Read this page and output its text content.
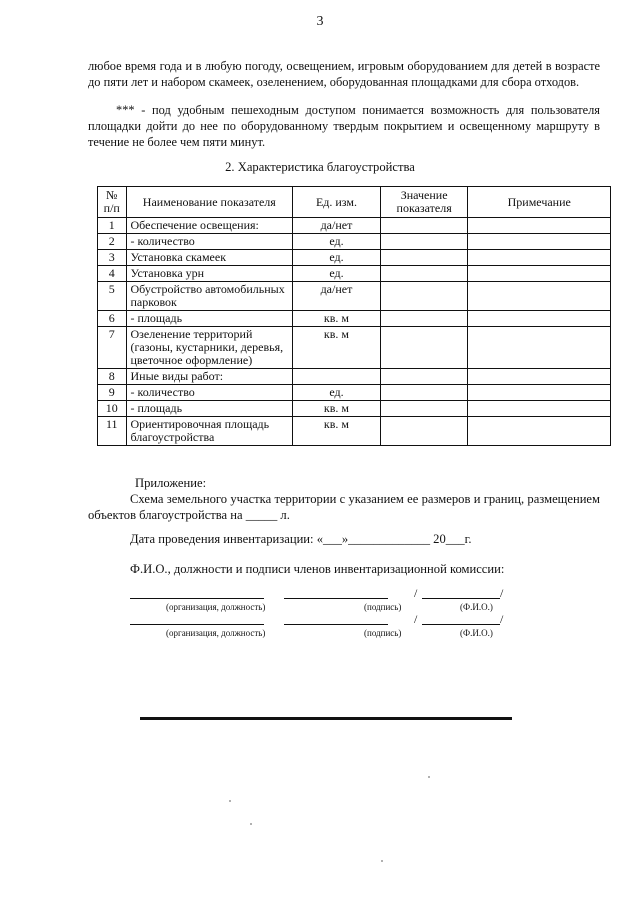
3
любое время года и в любую погоду, освещением, игровым оборудованием для детей в возрасте до пяти лет и набором скамеек, озеленением, оборудованная площадками для сбора отходов.
*** - под удобным пешеходным доступом понимается возможность для пользователя площадки дойти до нее по оборудованному твердым покрытием и освещенному маршруту в течение не более чем пяти минут.
2. Характеристика благоустройства
№ п/п	Наименование показателя	Ед. изм.	Значение показателя	Примечание
1	Обеспечение освещения:	да/нет		
2	- количество	ед.		
3	Установка скамеек	ед.		
4	Установка урн	ед.		
5	Обустройство автомобильных парковок	да/нет		
6	- площадь	кв. м		
7	Озеленение территорий (газоны, кустарники, деревья, цветочное оформление)	кв. м		
8	Иные виды работ:			
9	- количество	ед.		
10	- площадь	кв. м		
11	Ориентировочная площадь благоустройства	кв. м		
Приложение:
Схема земельного участка территории с указанием ее размеров и границ, размещением объектов благоустройства на _____ л.
Дата проведения инвентаризации: «___»_____________ 20___г.
Ф.И.О., должности и подписи членов инвентаризационной комиссии:
/	/
(организация, должность)	(подпись)	(Ф.И.О.)
/	/
(организация, должность)	(подпись)	(Ф.И.О.)
